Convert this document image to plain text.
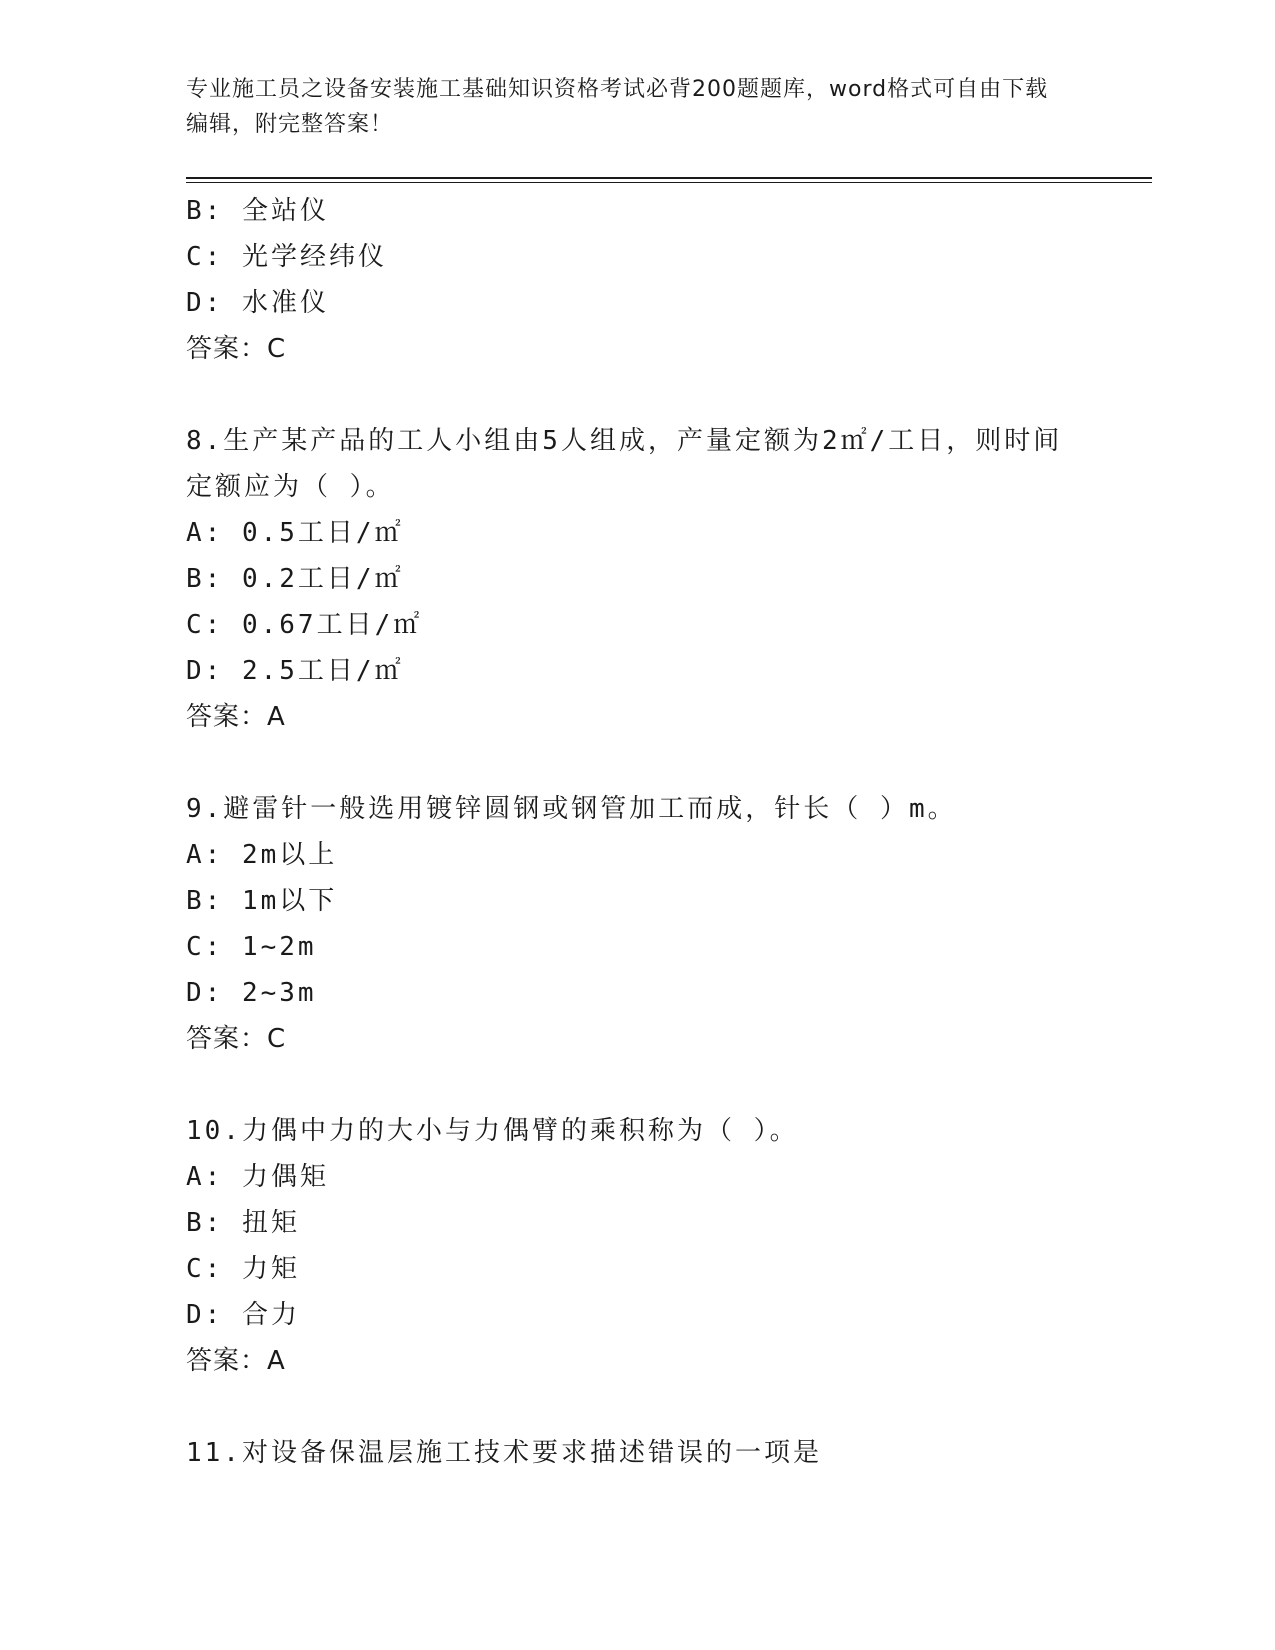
专业施工员之设备安装施工基础知识资格考试必背200题题库，word格式可自由下载编辑，附完整答案！
B: 全站仪
C: 光学经纬仪
D: 水准仪
答案：C
8.生产某产品的工人小组由5人组成，产量定额为2㎡/工日，则时间定额应为（ ）。
A: 0.5工日/㎡
B: 0.2工日/㎡
C: 0.67工日/㎡
D: 2.5工日/㎡
答案：A
9.避雷针一般选用镀锌圆钢或钢管加工而成，针长（ ）m。
A: 2m以上
B: 1m以下
C: 1~2m
D: 2~3m
答案：C
10.力偶中力的大小与力偶臂的乘积称为（ ）。
A: 力偶矩
B: 扭矩
C: 力矩
D: 合力
答案：A
11.对设备保温层施工技术要求描述错误的一项是
